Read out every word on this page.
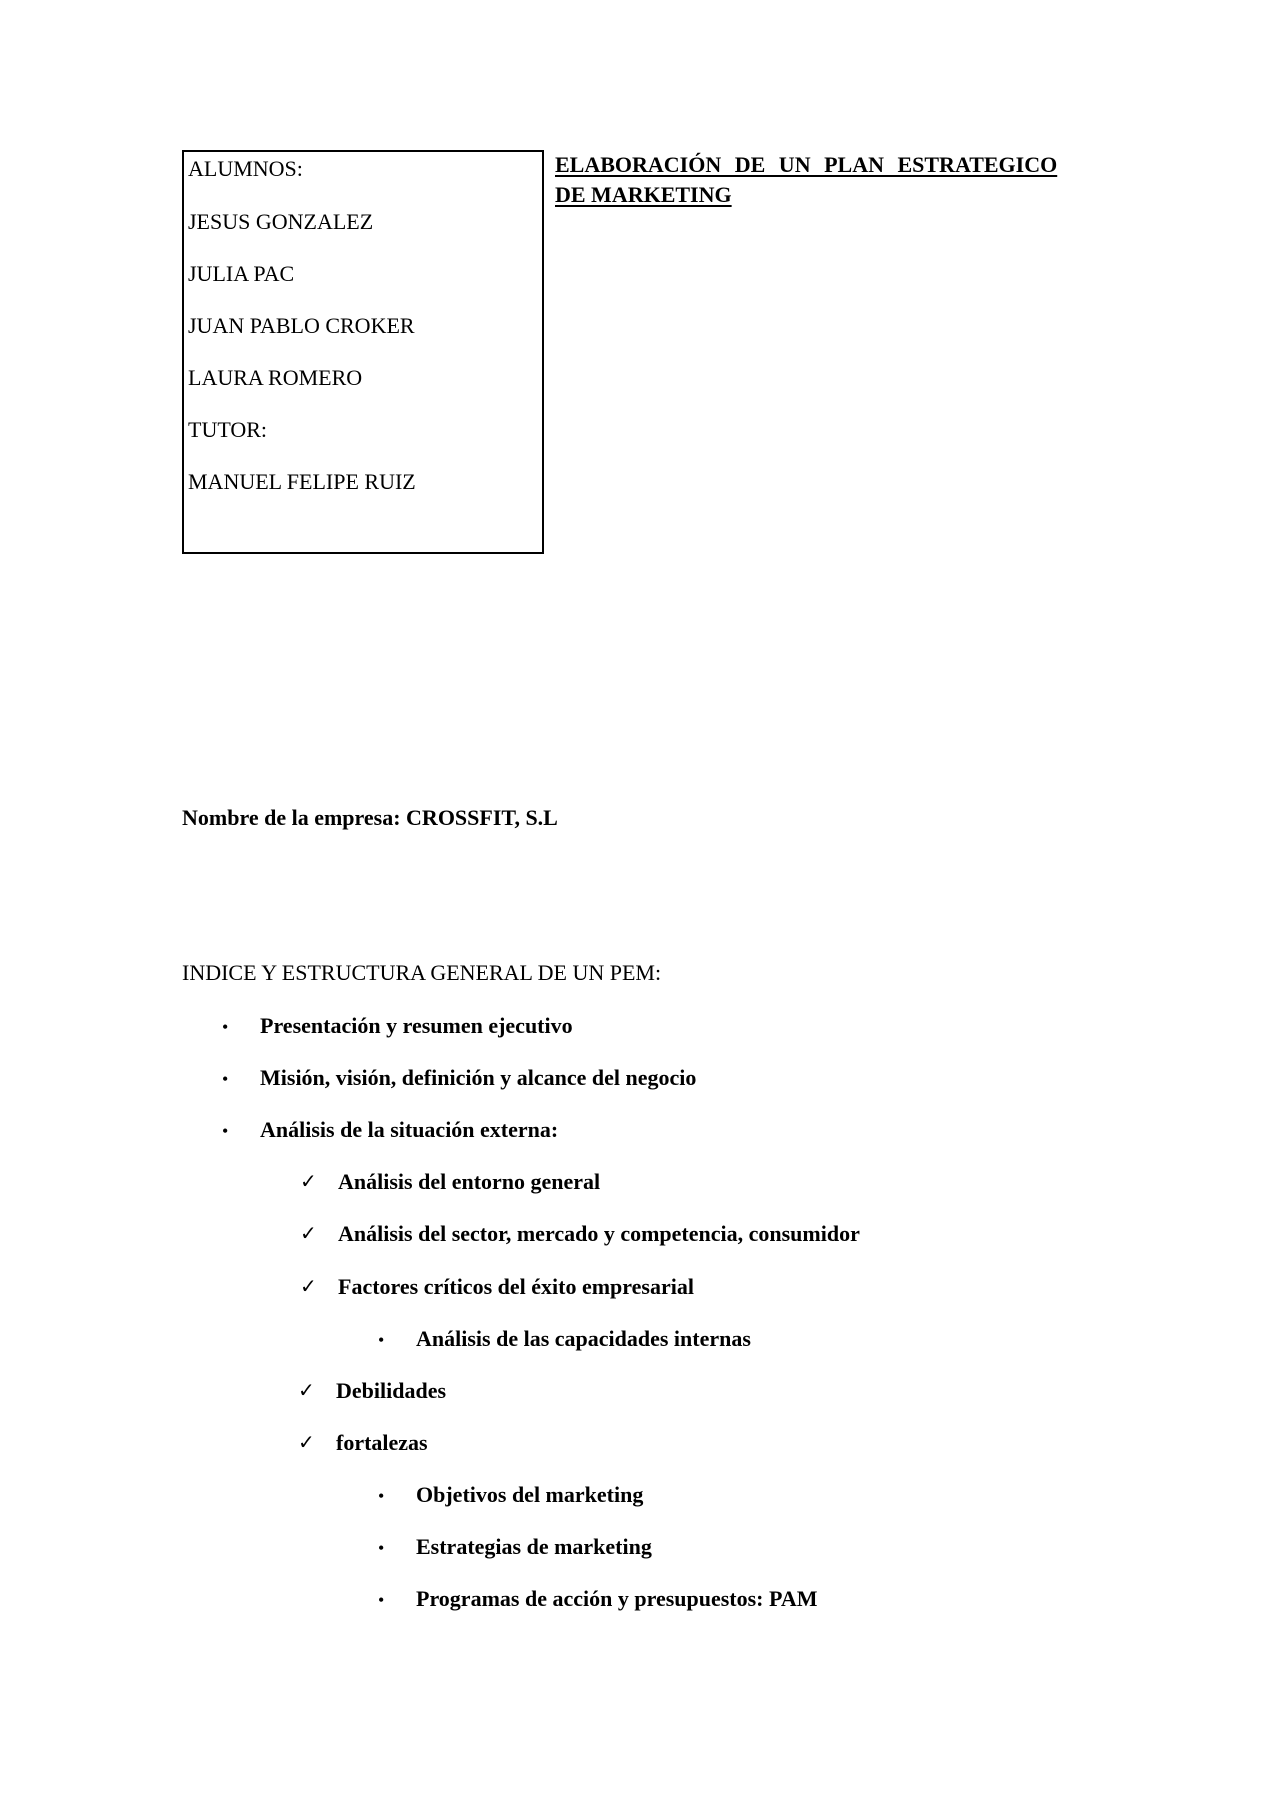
ALUMNOS:
JESUS GONZALEZ
JULIA PAC
JUAN PABLO CROKER
LAURA ROMERO
TUTOR:
MANUEL FELIPE RUIZ
ELABORACIÓN DE UN PLAN ESTRATEGICO
DE MARKETING

Nombre de la empresa: CROSSFIT, S.L

INDICE Y ESTRUCTURA GENERAL DE UN PEM:
• Presentación y resumen ejecutivo
• Misión, visión, definición y alcance del negocio
• Análisis de la situación externa:
✓ Análisis del entorno general
✓ Análisis del sector, mercado y competencia, consumidor
✓ Factores críticos del éxito empresarial
• Análisis de las capacidades internas
✓ Debilidades
✓ fortalezas
• Objetivos del marketing
• Estrategias de marketing
• Programas de acción y presupuestos: PAM
